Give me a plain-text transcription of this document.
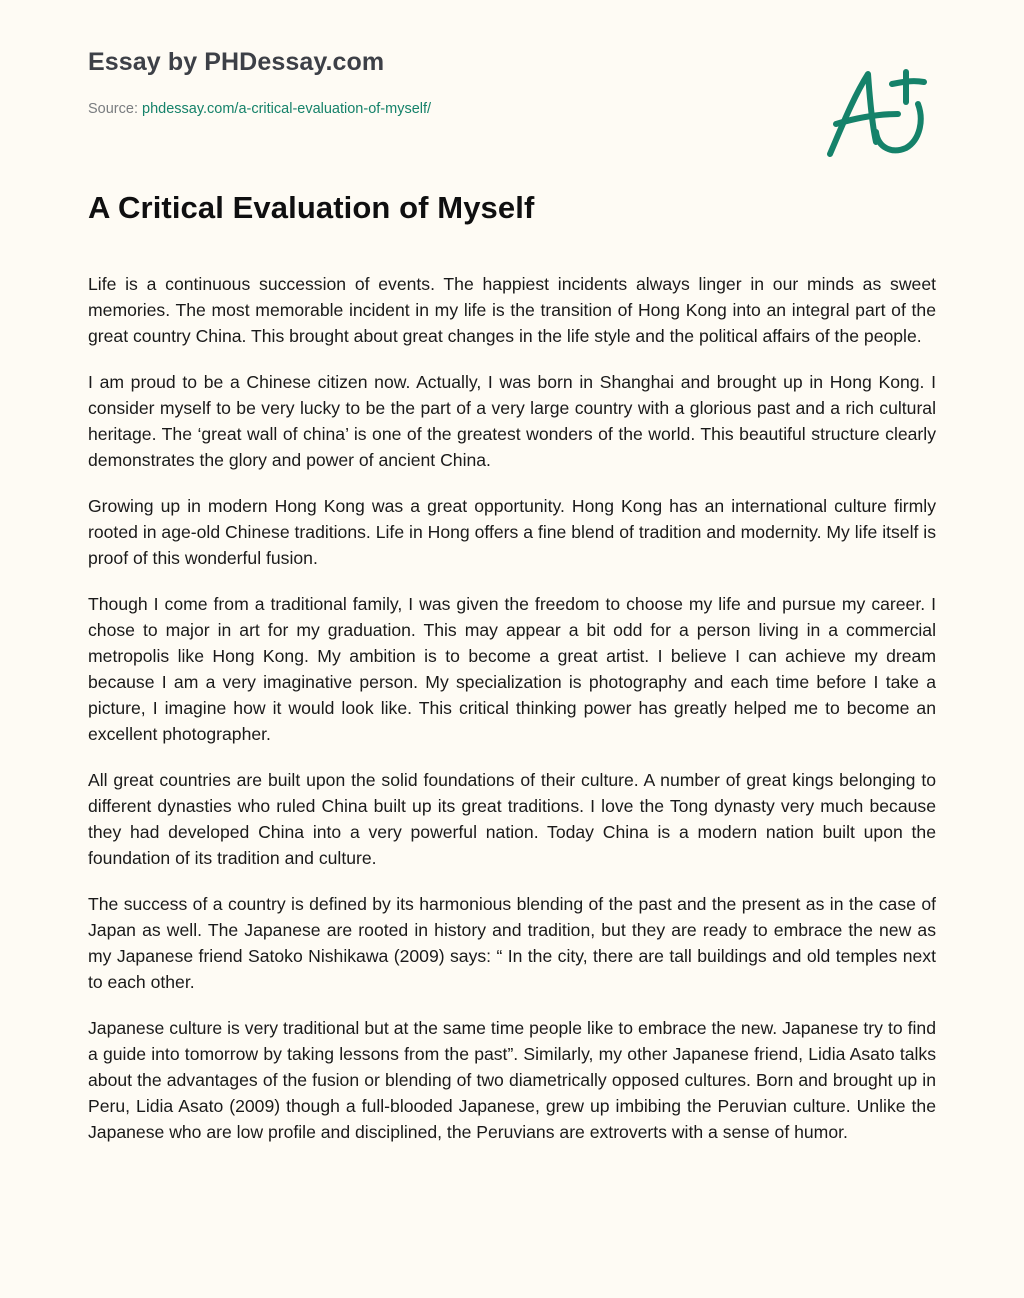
Essay by PHDessay.com
Source: phdessay.com/a-critical-evaluation-of-myself/
A Critical Evaluation of Myself

Life is a continuous succession of events. The happiest incidents always linger in our minds as sweet memories. The most memorable incident in my life is the transition of Hong Kong into an integral part of the great country China. This brought about great changes in the life style and the political affairs of the people.

I am proud to be a Chinese citizen now. Actually, I was born in Shanghai and brought up in Hong Kong. I consider myself to be very lucky to be the part of a very large country with a glorious past and a rich cultural heritage. The ‘great wall of china’ is one of the greatest wonders of the world. This beautiful structure clearly demonstrates the glory and power of ancient China.

Growing up in modern Hong Kong was a great opportunity. Hong Kong has an international culture firmly rooted in age-old Chinese traditions. Life in Hong offers a fine blend of tradition and modernity. My life itself is proof of this wonderful fusion.

Though I come from a traditional family, I was given the freedom to choose my life and pursue my career. I chose to major in art for my graduation. This may appear a bit odd for a person living in a commercial metropolis like Hong Kong. My ambition is to become a great artist. I believe I can achieve my dream because I am a very imaginative person. My specialization is photography and each time before I take a picture, I imagine how it would look like. This critical thinking power has greatly helped me to become an excellent photographer.

All great countries are built upon the solid foundations of their culture. A number of great kings belonging to different dynasties who ruled China built up its great traditions. I love the Tong dynasty very much because they had developed China into a very powerful nation. Today China is a modern nation built upon the foundation of its tradition and culture.

The success of a country is defined by its harmonious blending of the past and the present as in the case of Japan as well. The Japanese are rooted in history and tradition, but they are ready to embrace the new as my Japanese friend Satoko Nishikawa (2009) says: “ In the city, there are tall buildings and old temples next to each other.

Japanese culture is very traditional but at the same time people like to embrace the new. Japanese try to find a guide into tomorrow by taking lessons from the past”. Similarly, my other Japanese friend, Lidia Asato talks about the advantages of the fusion or blending of two diametrically opposed cultures. Born and brought up in Peru, Lidia Asato (2009) though a full-blooded Japanese, grew up imbibing the Peruvian culture. Unlike the Japanese who are low profile and disciplined, the Peruvians are extroverts with a sense of humor.
